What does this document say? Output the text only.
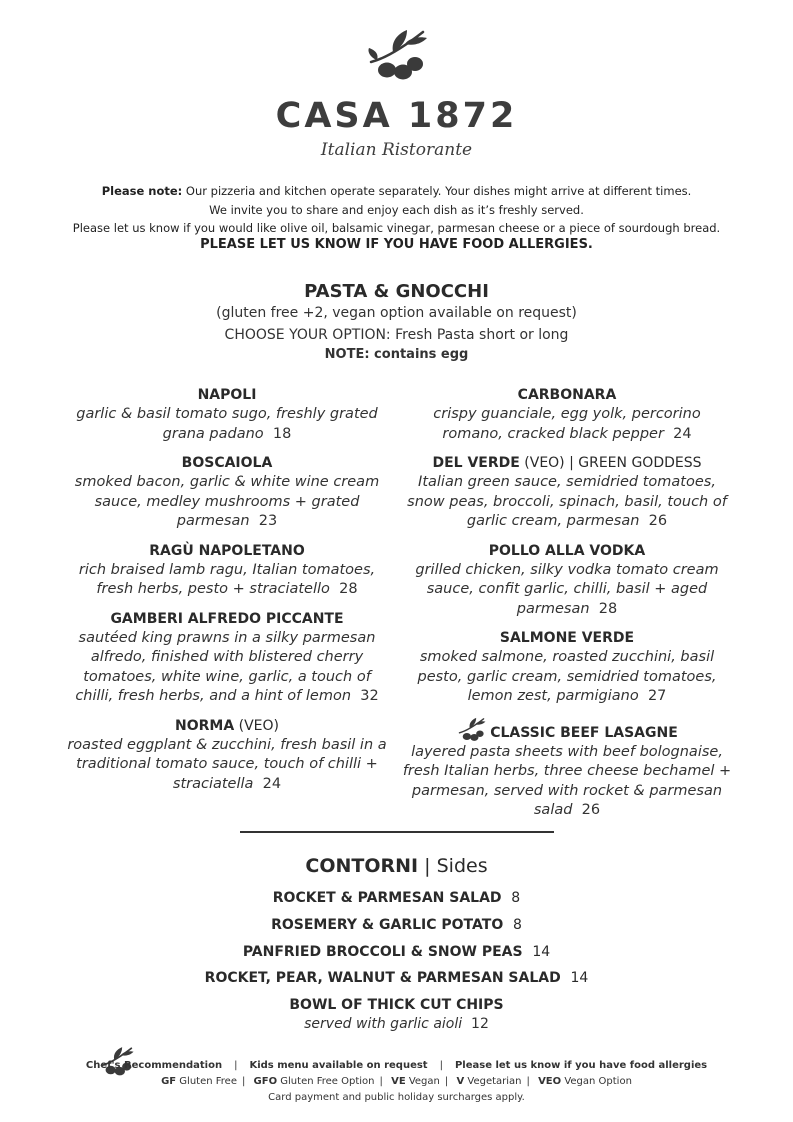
CASA 1872
Italian Ristorante
Please note: Our pizzeria and kitchen operate separately. Your dishes might arrive at different times.
We invite you to share and enjoy each dish as it’s freshly served.
Please let us know if you would like olive oil, balsamic vinegar, parmesan cheese or a piece of sourdough bread.
PLEASE LET US KNOW IF YOU HAVE FOOD ALLERGIES.
PASTA & GNOCCHI
(gluten free +2, vegan option available on request)
CHOOSE YOUR OPTION: Fresh Pasta short or long
NOTE: contains egg
NAPOLI
garlic & basil tomato sugo, freshly grated grana padano 18
BOSCAIOLA
smoked bacon, garlic & white wine cream sauce, medley mushrooms + grated parmesan 23
RAGÙ NAPOLETANO
rich braised lamb ragu, Italian tomatoes, fresh herbs, pesto + straciatello 28
GAMBERI ALFREDO PICCANTE
sautéed king prawns in a silky parmesan alfredo, finished with blistered cherry tomatoes, white wine, garlic, a touch of chilli, fresh herbs, and a hint of lemon 32
NORMA (VEO)
roasted eggplant & zucchini, fresh basil in a traditional tomato sauce, touch of chilli + straciatella 24
CARBONARA
crispy guanciale, egg yolk, percorino romano, cracked black pepper 24
DEL VERDE (VEO) | GREEN GODDESS
Italian green sauce, semidried tomatoes, snow peas, broccoli, spinach, basil, touch of garlic cream, parmesan 26
POLLO ALLA VODKA
grilled chicken, silky vodka tomato cream sauce, confit garlic, chilli, basil + aged parmesan 28
SALMONE VERDE
smoked salmone, roasted zucchini, basil pesto, garlic cream, semidried tomatoes, lemon zest, parmigiano 27
CLASSIC BEEF LASAGNE
layered pasta sheets with beef bolognaise, fresh Italian herbs, three cheese bechamel + parmesan, served with rocket & parmesan salad 26
CONTORNI | Sides
ROCKET & PARMESAN SALAD 8
ROSEMERY & GARLIC POTATO 8
PANFRIED BROCCOLI & SNOW PEAS 14
ROCKET, PEAR, WALNUT & PARMESAN SALAD 14
BOWL OF THICK CUT CHIPS
served with garlic aioli 12
Chef's Recommendation | Kids menu available on request | Please let us know if you have food allergies
GF Gluten Free | GFO Gluten Free Option | VE Vegan | V Vegetarian | VEO Vegan Option
Card payment and public holiday surcharges apply.
